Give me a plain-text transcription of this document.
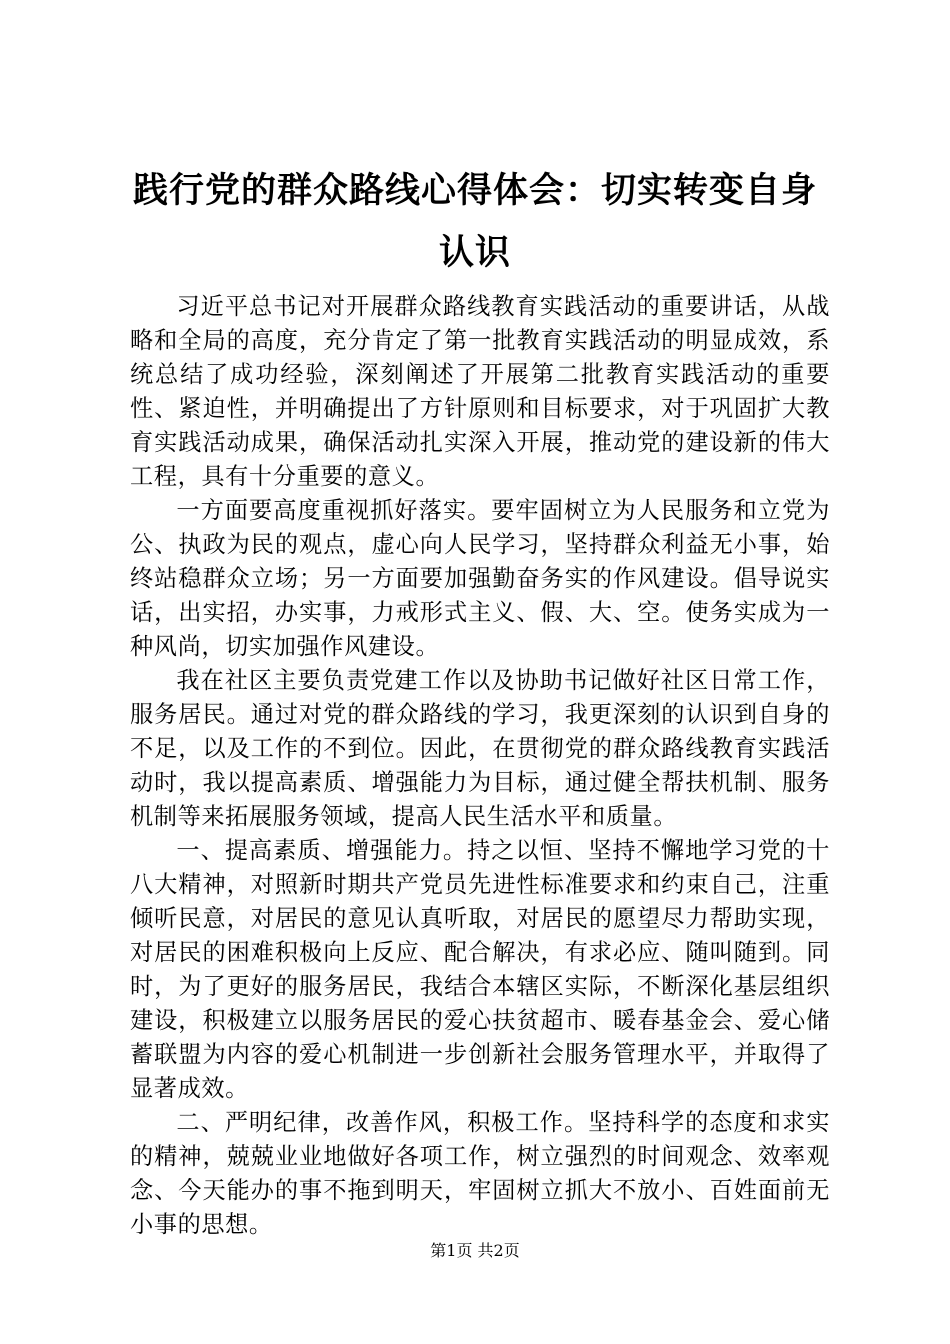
践行党的群众路线心得体会：切实转变自身认识

习近平总书记对开展群众路线教育实践活动的重要讲话，从战略和全局的高度，充分肯定了第一批教育实践活动的明显成效，系统总结了成功经验，深刻阐述了开展第二批教育实践活动的重要性、紧迫性，并明确提出了方针原则和目标要求，对于巩固扩大教育实践活动成果，确保活动扎实深入开展，推动党的建设新的伟大工程，具有十分重要的意义。

一方面要高度重视抓好落实。要牢固树立为人民服务和立党为公、执政为民的观点，虚心向人民学习，坚持群众利益无小事，始终站稳群众立场；另一方面要加强勤奋务实的作风建设。倡导说实话，出实招，办实事，力戒形式主义、假、大、空。使务实成为一种风尚，切实加强作风建设。

我在社区主要负责党建工作以及协助书记做好社区日常工作，服务居民。通过对党的群众路线的学习，我更深刻的认识到自身的不足，以及工作的不到位。因此，在贯彻党的群众路线教育实践活动时，我以提高素质、增强能力为目标，通过健全帮扶机制、服务机制等来拓展服务领域，提高人民生活水平和质量。

一、提高素质、增强能力。持之以恒、坚持不懈地学习党的十八大精神，对照新时期共产党员先进性标准要求和约束自己，注重倾听民意，对居民的意见认真听取，对居民的愿望尽力帮助实现，对居民的困难积极向上反应、配合解决，有求必应、随叫随到。同时，为了更好的服务居民，我结合本辖区实际，不断深化基层组织建设，积极建立以服务居民的爱心扶贫超市、暖春基金会、爱心储蓄联盟为内容的爱心机制进一步创新社会服务管理水平，并取得了显著成效。

二、严明纪律，改善作风，积极工作。坚持科学的态度和求实的精神，兢兢业业地做好各项工作，树立强烈的时间观念、效率观念、今天能办的事不拖到明天，牢固树立抓大不放小、百姓面前无小事的思想。

第1页 共2页
